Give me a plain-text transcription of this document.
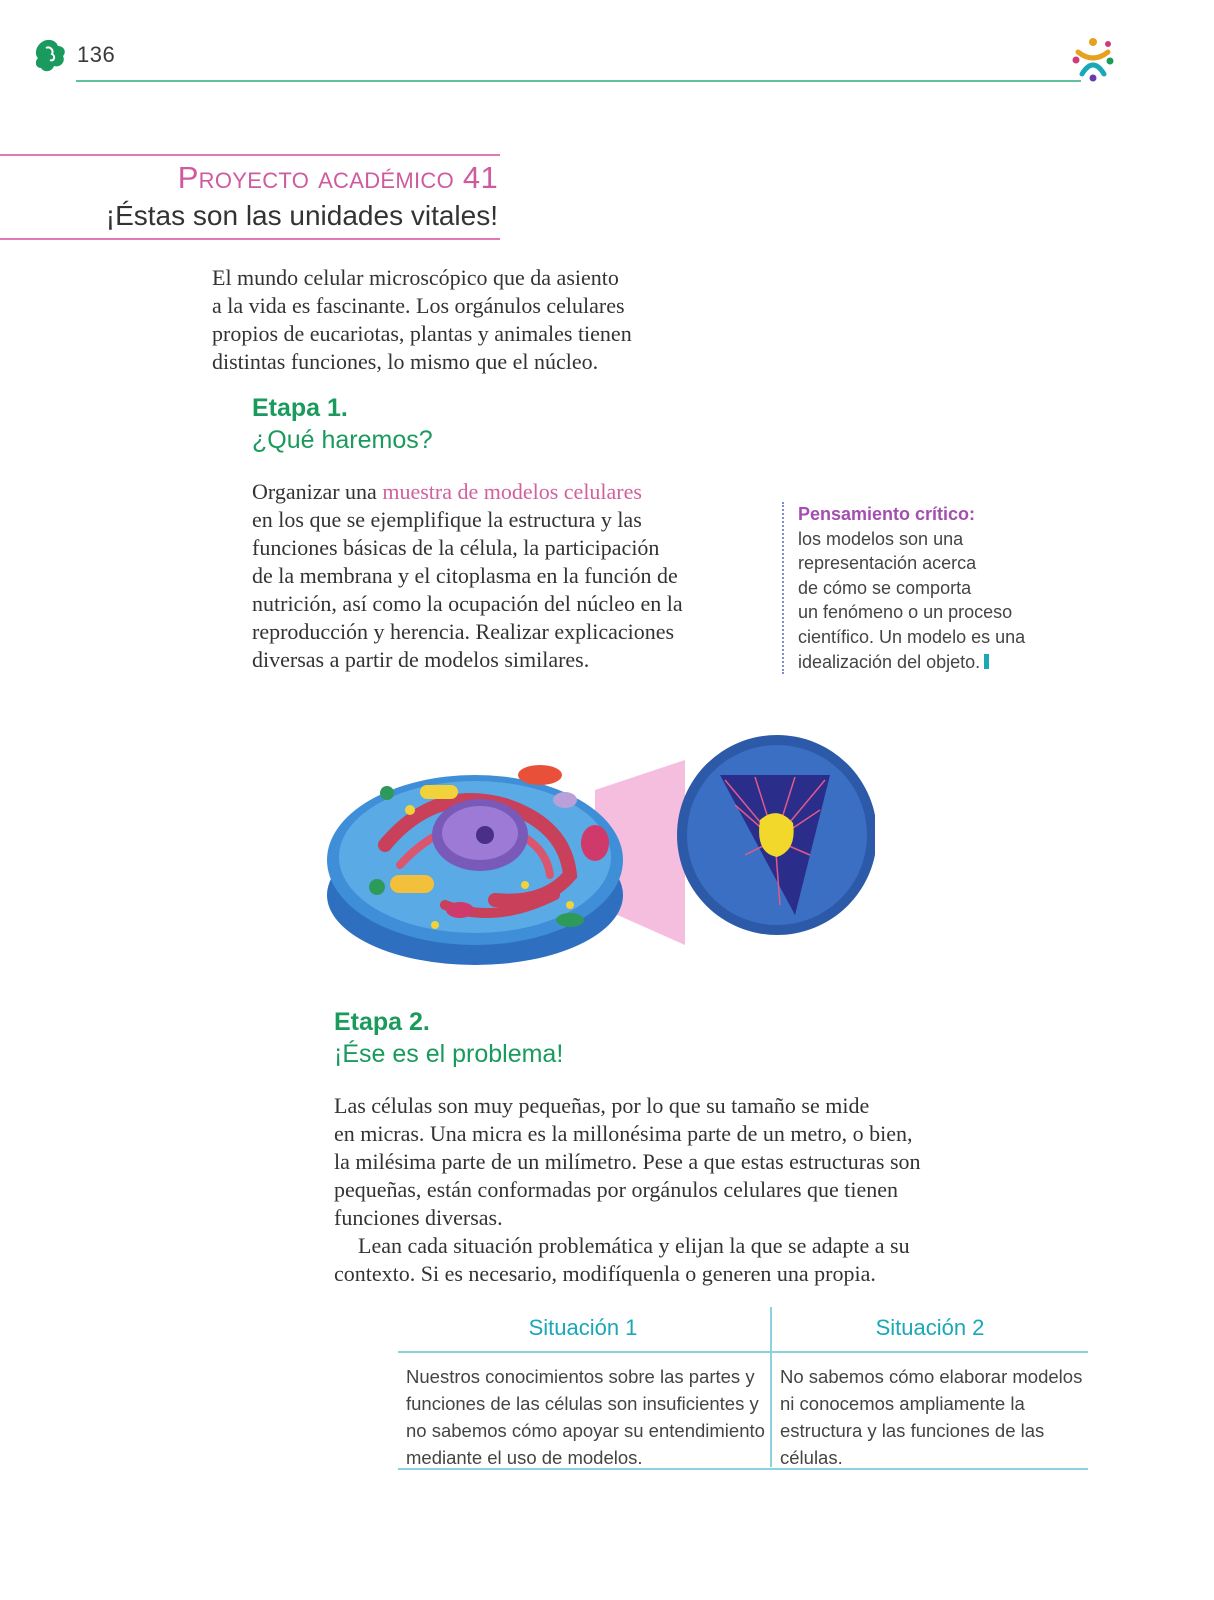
136
Proyecto académico 41
¡Éstas son las unidades vitales!
El mundo celular microscópico que da asiento
a la vida es fascinante. Los orgánulos celulares
propios de eucariotas, plantas y animales tienen
distintas funciones, lo mismo que el núcleo.
Etapa 1.
¿Qué haremos?
Organizar una muestra de modelos celulares
en los que se ejemplifique la estructura y las
funciones básicas de la célula, la participación
de la membrana y el citoplasma en la función de
nutrición, así como la ocupación del núcleo en la
reproducción y herencia. Realizar explicaciones
diversas a partir de modelos similares.
Pensamiento crítico:
los modelos son una
representación acerca
de cómo se comporta
un fenómeno o un proceso
científico. Un modelo es una
idealización del objeto.
Etapa 2.
¡Ése es el problema!
Las células son muy pequeñas, por lo que su tamaño se mide
en micras. Una micra es la millonésima parte de un metro, o bien,
la milésima parte de un milímetro. Pese a que estas estructuras son
pequeñas, están conformadas por orgánulos celulares que tienen
funciones diversas.
Lean cada situación problemática y elijan la que se adapte a su
contexto. Si es necesario, modifíquenla o generen una propia.
Situación 1	Situación 2
Nuestros conocimientos sobre las partes y
funciones de las células son insuficientes y
no sabemos cómo apoyar su entendimiento
mediante el uso de modelos.
No sabemos cómo elaborar modelos
ni conocemos ampliamente la
estructura y las funciones de las
células.
